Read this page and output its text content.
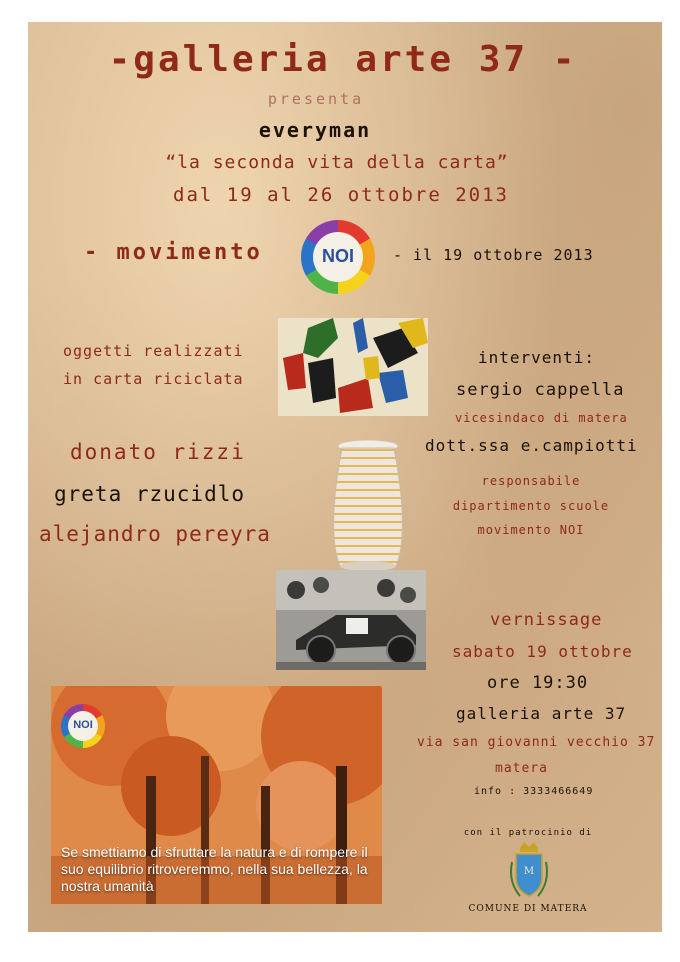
-galleria arte 37 -
presenta
everyman
“la seconda vita della carta”
dal 19 al 26 ottobre 2013
- movimento	NOI	- il 19 ottobre 2013
oggetti realizzati
in carta riciclata
interventi:
sergio cappella
vicesindaco di matera
dott.ssa e.campiotti
responsabile
dipartimento scuole
movimento NOI
donato rizzi
greta rzucidlo
alejandro pereyra
vernissage
sabato 19 ottobre
ore 19:30
galleria arte 37
via san giovanni vecchio 37
matera
info : 3333466649
NOI
Se smettiamo di sfruttare la natura e di rompere il suo equilibrio ritroveremmo, nella sua bellezza, la nostra umanità
con il patrocinio di
M
COMUNE DI MATERA
